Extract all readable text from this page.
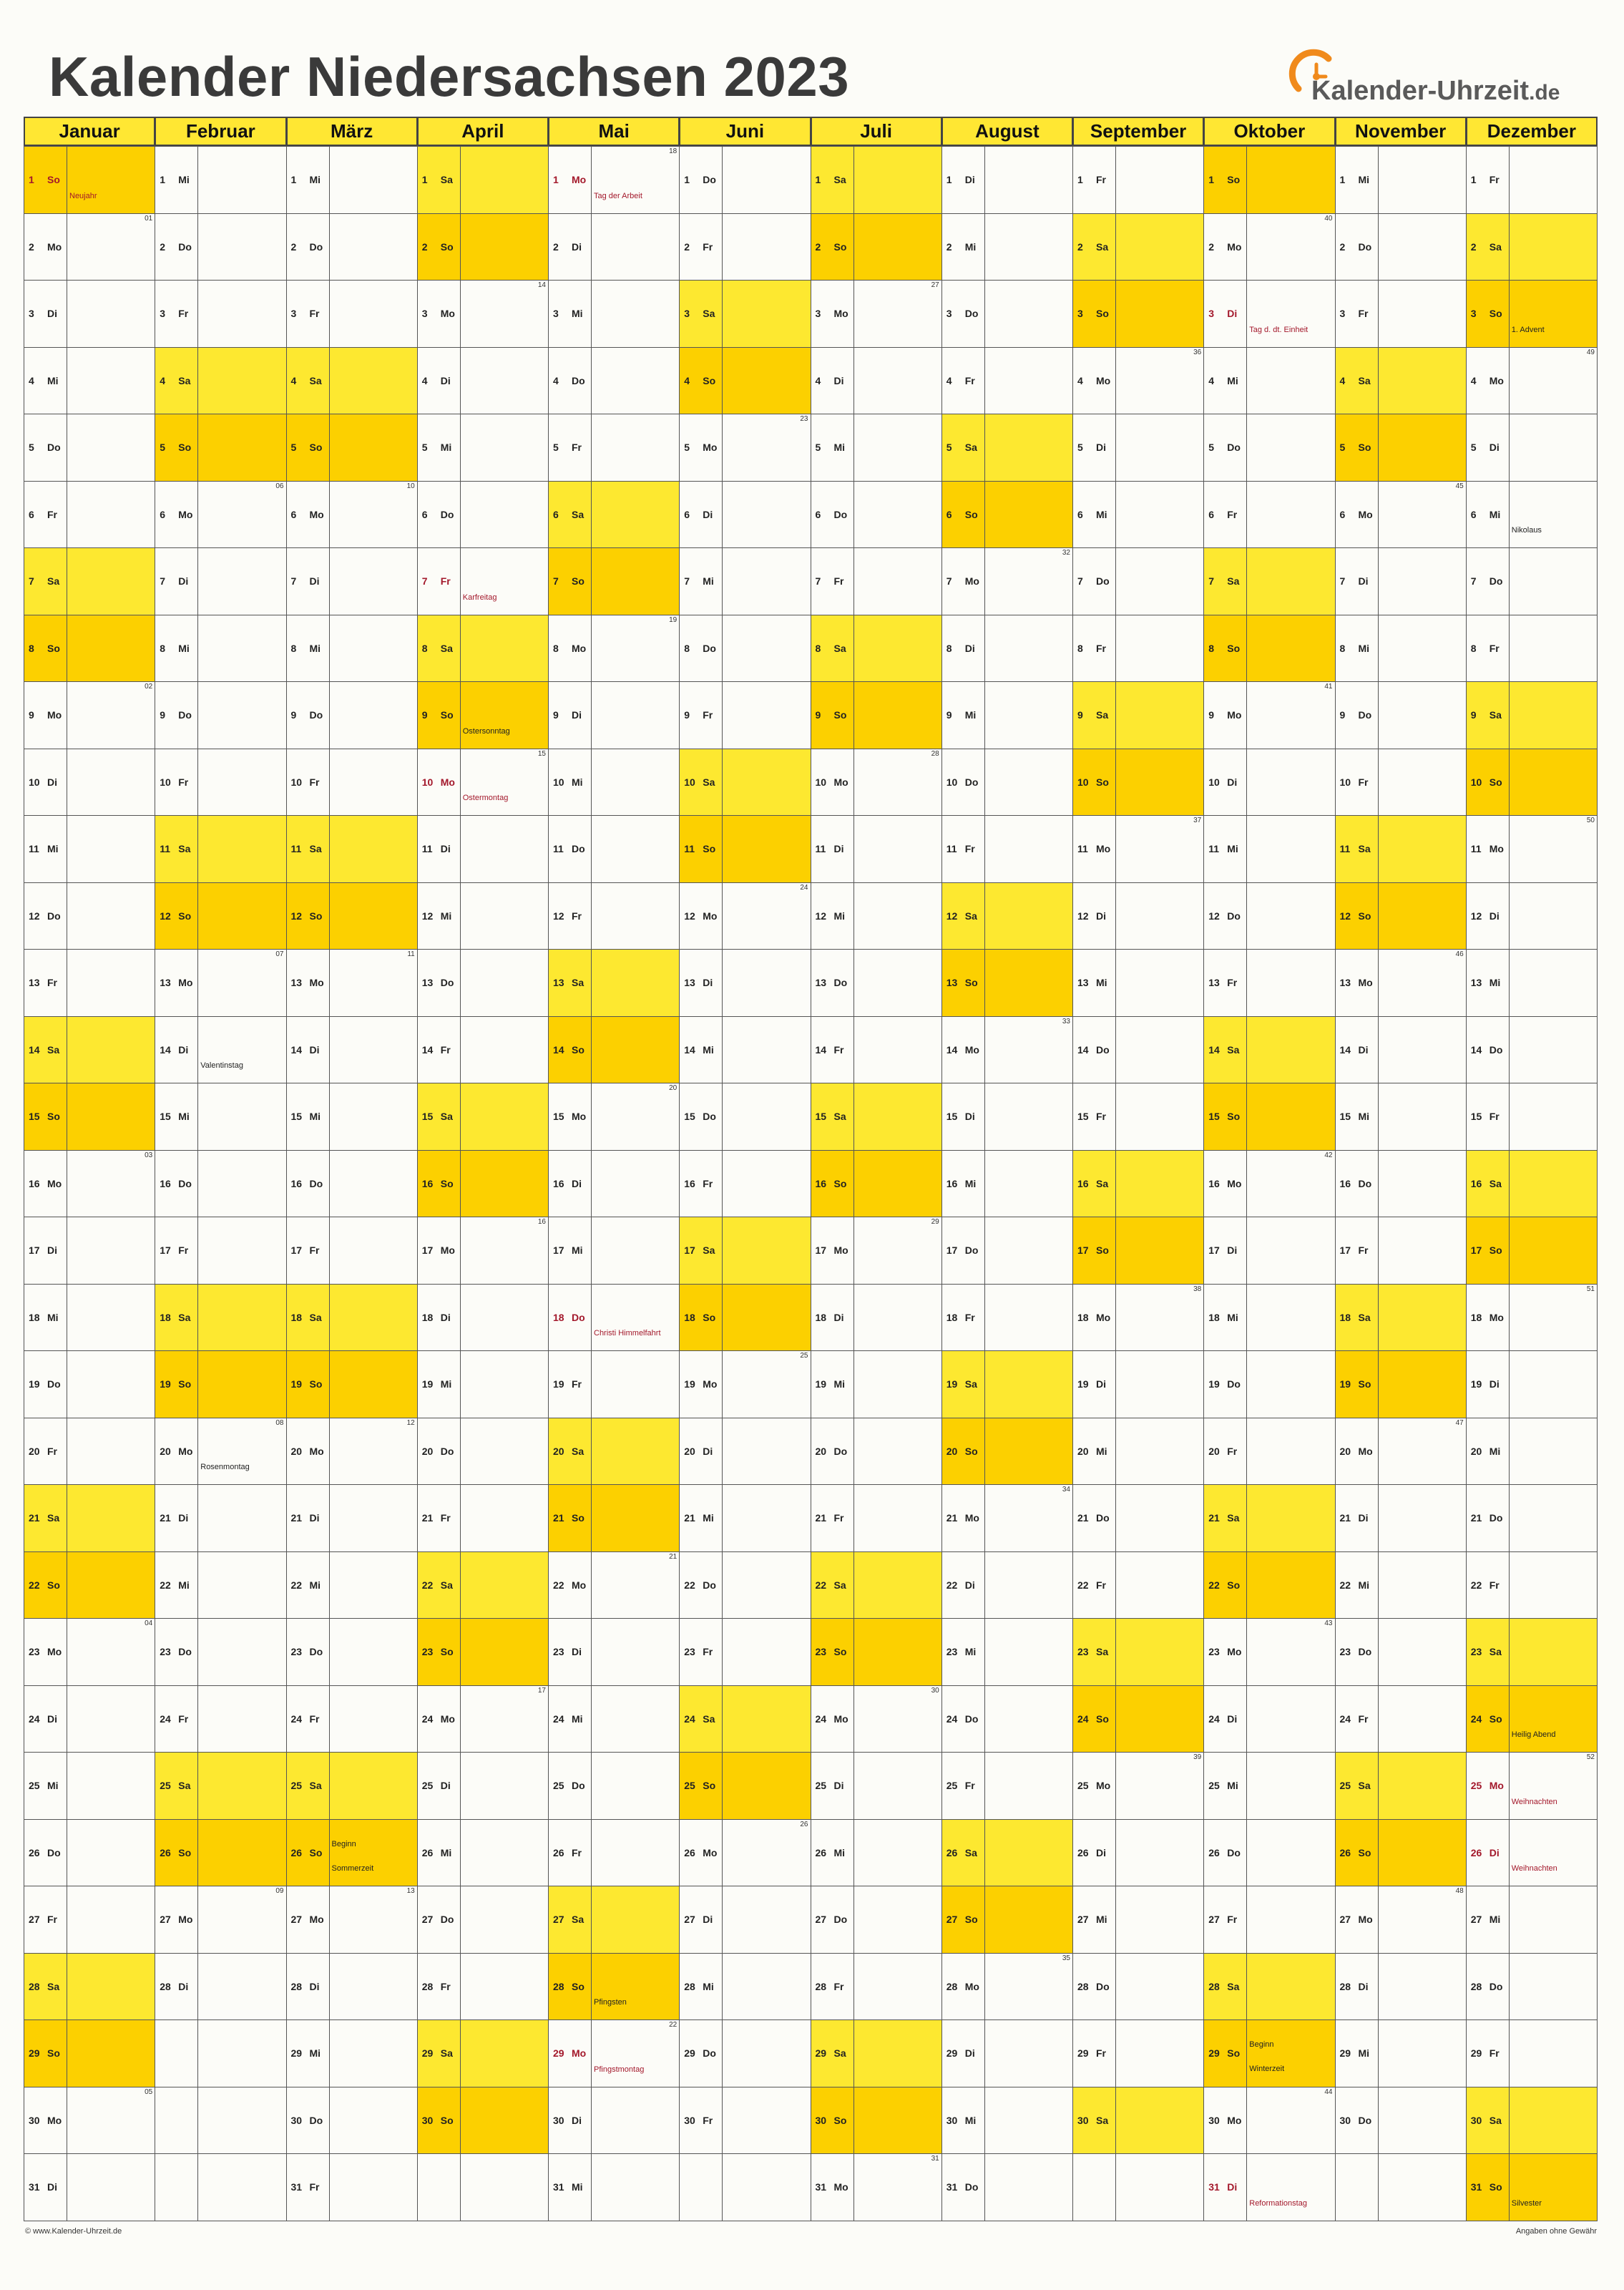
Kalender Niedersachsen 2023	Kalender-Uhrzeit.de
Januar
1 So
Neujahr
2 Mo
01
3 Di
4 Mi
5 Do
6 Fr
7 Sa
8 So
9 Mo
02
10 Di
11 Mi
12 Do
13 Fr
14 Sa
15 So
16 Mo
03
17 Di
18 Mi
19 Do
20 Fr
21 Sa
22 So
23 Mo
04
24 Di
25 Mi
26 Do
27 Fr
28 Sa
29 So
30 Mo
05
31 Di
Februar
1 Mi
2 Do
3 Fr
4 Sa
5 So
6 Mo
06
7 Di
8 Mi
9 Do
10 Fr
11 Sa
12 So
13 Mo
07
14 Di
Valentinstag
15 Mi
16 Do
17 Fr
18 Sa
19 So
20 Mo
Rosenmontag
08
21 Di
22 Mi
23 Do
24 Fr
25 Sa
26 So
27 Mo
09
28 Di
März
1 Mi
2 Do
3 Fr
4 Sa
5 So
6 Mo
10
7 Di
8 Mi
9 Do
10 Fr
11 Sa
12 So
13 Mo
11
14 Di
15 Mi
16 Do
17 Fr
18 Sa
19 So
20 Mo
12
21 Di
22 Mi
23 Do
24 Fr
25 Sa
26 So
Beginn
Sommerzeit
27 Mo
13
28 Di
29 Mi
30 Do
31 Fr
April
1 Sa
2 So
3 Mo
14
4 Di
5 Mi
6 Do
7 Fr
Karfreitag
8 Sa
9 So
Ostersonntag
10 Mo
Ostermontag
15
11 Di
12 Mi
13 Do
14 Fr
15 Sa
16 So
17 Mo
16
18 Di
19 Mi
20 Do
21 Fr
22 Sa
23 So
24 Mo
17
25 Di
26 Mi
27 Do
28 Fr
29 Sa
30 So
Mai
1 Mo
Tag der Arbeit
18
2 Di
3 Mi
4 Do
5 Fr
6 Sa
7 So
8 Mo
19
9 Di
10 Mi
11 Do
12 Fr
13 Sa
14 So
15 Mo
20
16 Di
17 Mi
18 Do
Christi Himmelfahrt
19 Fr
20 Sa
21 So
22 Mo
21
23 Di
24 Mi
25 Do
26 Fr
27 Sa
28 So
Pfingsten
29 Mo
Pfingstmontag
22
30 Di
31 Mi
Juni
1 Do
2 Fr
3 Sa
4 So
5 Mo
23
6 Di
7 Mi
8 Do
9 Fr
10 Sa
11 So
12 Mo
24
13 Di
14 Mi
15 Do
16 Fr
17 Sa
18 So
19 Mo
25
20 Di
21 Mi
22 Do
23 Fr
24 Sa
25 So
26 Mo
26
27 Di
28 Mi
29 Do
30 Fr
Juli
1 Sa
2 So
3 Mo
27
4 Di
5 Mi
6 Do
7 Fr
8 Sa
9 So
10 Mo
28
11 Di
12 Mi
13 Do
14 Fr
15 Sa
16 So
17 Mo
29
18 Di
19 Mi
20 Do
21 Fr
22 Sa
23 So
24 Mo
30
25 Di
26 Mi
27 Do
28 Fr
29 Sa
30 So
31 Mo
31
August
1 Di
2 Mi
3 Do
4 Fr
5 Sa
6 So
7 Mo
32
8 Di
9 Mi
10 Do
11 Fr
12 Sa
13 So
14 Mo
33
15 Di
16 Mi
17 Do
18 Fr
19 Sa
20 So
21 Mo
34
22 Di
23 Mi
24 Do
25 Fr
26 Sa
27 So
28 Mo
35
29 Di
30 Mi
31 Do
September
1 Fr
2 Sa
3 So
4 Mo
36
5 Di
6 Mi
7 Do
8 Fr
9 Sa
10 So
11 Mo
37
12 Di
13 Mi
14 Do
15 Fr
16 Sa
17 So
18 Mo
38
19 Di
20 Mi
21 Do
22 Fr
23 Sa
24 So
25 Mo
39
26 Di
27 Mi
28 Do
29 Fr
30 Sa
Oktober
1 So
2 Mo
40
3 Di
Tag d. dt. Einheit
4 Mi
5 Do
6 Fr
7 Sa
8 So
9 Mo
41
10 Di
11 Mi
12 Do
13 Fr
14 Sa
15 So
16 Mo
42
17 Di
18 Mi
19 Do
20 Fr
21 Sa
22 So
23 Mo
43
24 Di
25 Mi
26 Do
27 Fr
28 Sa
29 So
Beginn
Winterzeit
30 Mo
44
31 Di
Reformationstag
November
1 Mi
2 Do
3 Fr
4 Sa
5 So
6 Mo
45
7 Di
8 Mi
9 Do
10 Fr
11 Sa
12 So
13 Mo
46
14 Di
15 Mi
16 Do
17 Fr
18 Sa
19 So
20 Mo
47
21 Di
22 Mi
23 Do
24 Fr
25 Sa
26 So
27 Mo
48
28 Di
29 Mi
30 Do
Dezember
1 Fr
2 Sa
3 So
1. Advent
4 Mo
49
5 Di
6 Mi
Nikolaus
7 Do
8 Fr
9 Sa
10 So
11 Mo
50
12 Di
13 Mi
14 Do
15 Fr
16 Sa
17 So
18 Mo
51
19 Di
20 Mi
21 Do
22 Fr
23 Sa
24 So
Heilig Abend
25 Mo
Weihnachten
52
26 Di
Weihnachten
27 Mi
28 Do
29 Fr
30 Sa
31 So
Silvester
© www.Kalender-Uhrzeit.de	Angaben ohne Gewähr
